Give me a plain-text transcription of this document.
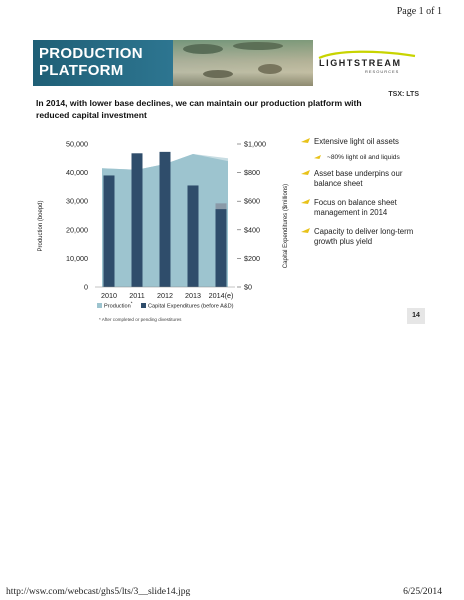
Page 1 of 1
PRODUCTION
PLATFORM	LIGHTSTREAM
RESOURCES
TSX: LTS
In 2014, with lower base declines, we can maintain our production platform with reduced capital investment
50,000
40,000
30,000
20,000
10,000
0
$1,000
$800
$600
$400
$200
$0
2010 2011 2012 2013 2014(e)
Production (boepd)	Capital Expenditures ($millions)
Production*
Capital Expenditures (before A&D)
* After completed or pending divestitures
Extensive light oil assets
~80% light oil and liquids
Asset base underpins our balance sheet
Focus on balance sheet management in 2014
Capacity to deliver long-term growth plus yield
14
http://wsw.com/webcast/ghs5/lts/3__slide14.jpg	6/25/2014
